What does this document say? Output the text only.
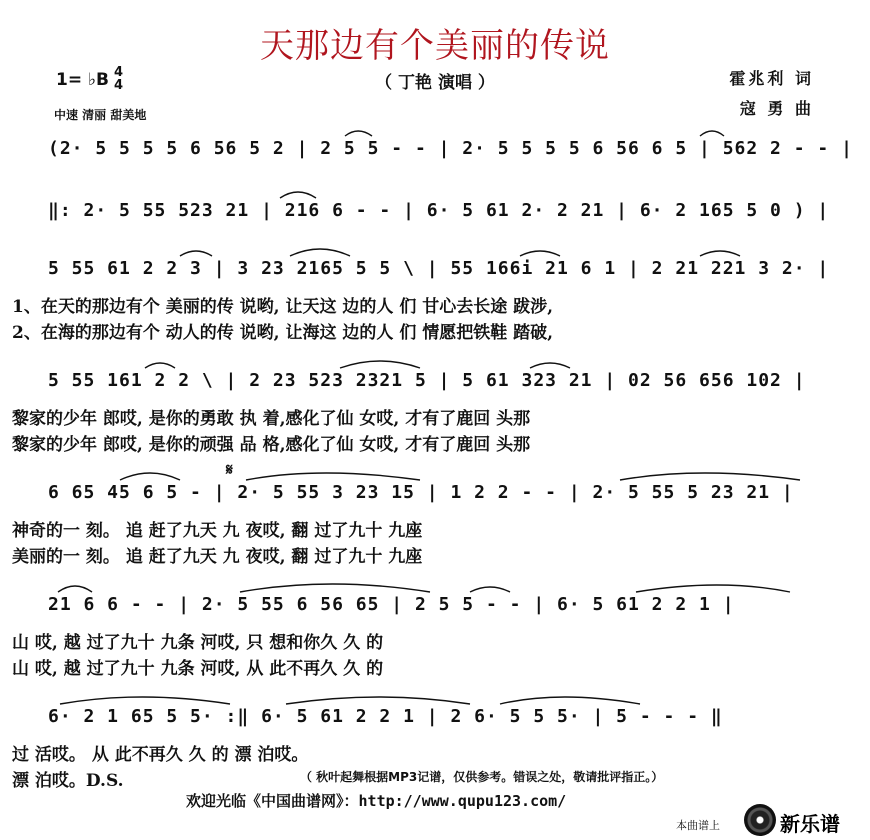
天那边有个美丽的传说
（ 丁艳 演唱 ）
1= ♭B 4
4
中速 清丽 甜美地
霍兆利 词
寇 勇 曲
(2· 5 5 5 5 6 56 5 2 | 2 5 5 - - | 2· 5 5 5 5 6 56 6 5 | 562 2 - - |
‖: 2· 5 55 523 21 | 216 6 - - | 6· 5 61 2· 2 21 | 6· 2 165 5 0 ) |
5 55 61 2 2 3 | 3 23 2165 5 5 \ | 55 166i 21 6 1 | 2 21 221 3 2· |
1、在天的那边有个 美丽的传 说哟, 让天这 边的人 们 甘心去长途 跋涉,
2、在海的那边有个 动人的传 说哟, 让海这 边的人 们 情愿把铁鞋 踏破,
5 55 161 2 2 \ | 2 23 523 2321 5 | 5 61 323 21 | 02 56 656 102 |
黎家的少年 郎哎, 是你的勇敢 执 着,感化了仙 女哎, 才有了鹿回 头那
黎家的少年 郎哎, 是你的顽强 品 格,感化了仙 女哎, 才有了鹿回 头那
𝄋
6 65 45 6 5 - | 2· 5 55 3 23 15 | 1 2 2 - - | 2· 5 55 5 23 21 |
神奇的一 刻。 追 赶了九天 九 夜哎, 翻 过了九十 九座
美丽的一 刻。 追 赶了九天 九 夜哎, 翻 过了九十 九座
21 6 6 - - | 2· 5 55 6 56 65 | 2 5 5 - - | 6· 5 61 2 2 1 |
山 哎, 越 过了九十 九条 河哎, 只 想和你久 久 的
山 哎, 越 过了九十 九条 河哎, 从 此不再久 久 的
6· 2 1 65 5 5· :‖ 6· 5 61 2 2 1 | 2 6· 5 5 5· | 5 - - - ‖
过 活哎。 从 此不再久 久 的 漂 泊哎。
漂 泊哎。D.S.	（ 秋叶起舞根据MP3记谱，仅供参考。错误之处，敬请批评指正。）
欢迎光临《中国曲谱网》：http://www.qupu123.com/
本曲谱上	新乐谱
